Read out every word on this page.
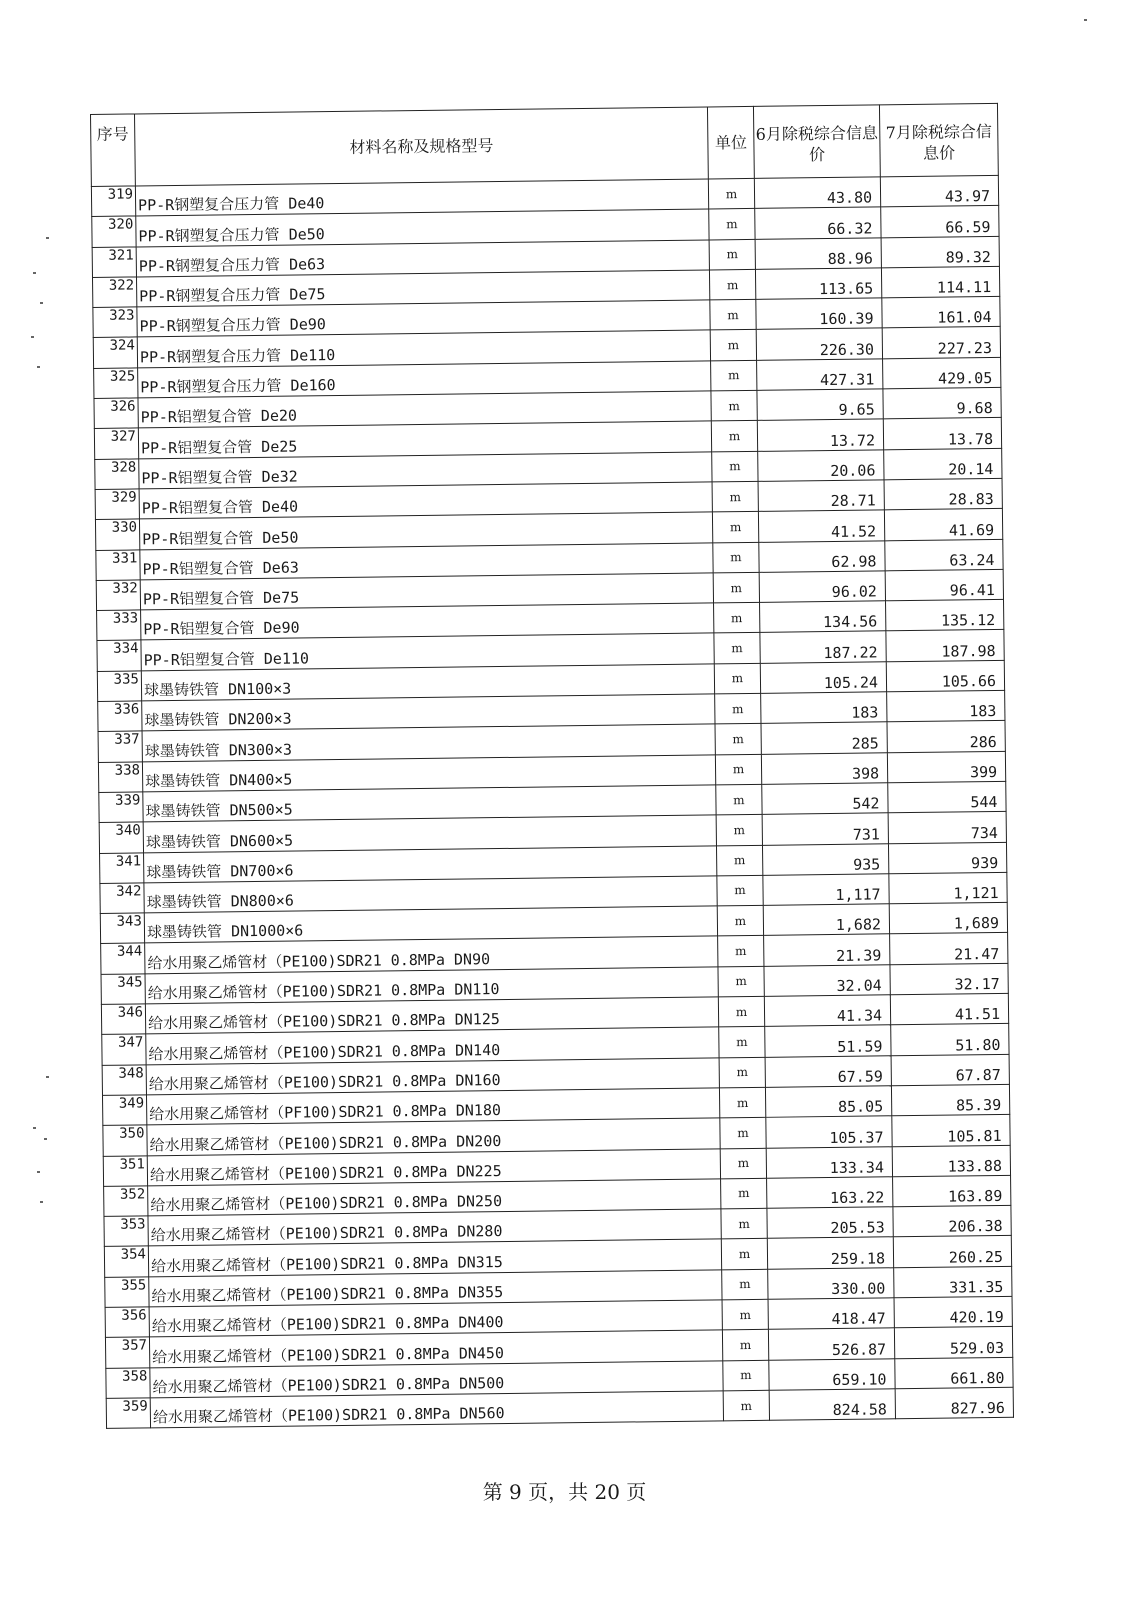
序号	材料名称及规格型号	单位	6月除税综合信息价	7月除税综合信息价
319	PP-R钢塑复合压力管 De40	m	43.80	43.97
320	PP-R钢塑复合压力管 De50	m	66.32	66.59
321	PP-R钢塑复合压力管 De63	m	88.96	89.32
322	PP-R钢塑复合压力管 De75	m	113.65	114.11
323	PP-R钢塑复合压力管 De90	m	160.39	161.04
324	PP-R钢塑复合压力管 De110	m	226.30	227.23
325	PP-R钢塑复合压力管 De160	m	427.31	429.05
326	PP-R铝塑复合管 De20	m	9.65	9.68
327	PP-R铝塑复合管 De25	m	13.72	13.78
328	PP-R铝塑复合管 De32	m	20.06	20.14
329	PP-R铝塑复合管 De40	m	28.71	28.83
330	PP-R铝塑复合管 De50	m	41.52	41.69
331	PP-R铝塑复合管 De63	m	62.98	63.24
332	PP-R铝塑复合管 De75	m	96.02	96.41
333	PP-R铝塑复合管 De90	m	134.56	135.12
334	PP-R铝塑复合管 De110	m	187.22	187.98
335	球墨铸铁管 DN100×3	m	105.24	105.66
336	球墨铸铁管 DN200×3	m	183	183
337	球墨铸铁管 DN300×3	m	285	286
338	球墨铸铁管 DN400×5	m	398	399
339	球墨铸铁管 DN500×5	m	542	544
340	球墨铸铁管 DN600×5	m	731	734
341	球墨铸铁管 DN700×6	m	935	939
342	球墨铸铁管 DN800×6	m	1,117	1,121
343	球墨铸铁管 DN1000×6	m	1,682	1,689
344	给水用聚乙烯管材（PE100)SDR21 0.8MPa DN90	m	21.39	21.47
345	给水用聚乙烯管材（PE100)SDR21 0.8MPa DN110	m	32.04	32.17
346	给水用聚乙烯管材（PE100)SDR21 0.8MPa DN125	m	41.34	41.51
347	给水用聚乙烯管材（PE100)SDR21 0.8MPa DN140	m	51.59	51.80
348	给水用聚乙烯管材（PE100)SDR21 0.8MPa DN160	m	67.59	67.87
349	给水用聚乙烯管材（PF100)SDR21 0.8MPa DN180	m	85.05	85.39
350	给水用聚乙烯管材（PE100)SDR21 0.8MPa DN200	m	105.37	105.81
351	给水用聚乙烯管材（PE100)SDR21 0.8MPa DN225	m	133.34	133.88
352	给水用聚乙烯管材（PE100)SDR21 0.8MPa DN250	m	163.22	163.89
353	给水用聚乙烯管材（PE100)SDR21 0.8MPa DN280	m	205.53	206.38
354	给水用聚乙烯管材（PE100)SDR21 0.8MPa DN315	m	259.18	260.25
355	给水用聚乙烯管材（PE100)SDR21 0.8MPa DN355	m	330.00	331.35
356	给水用聚乙烯管材（PE100)SDR21 0.8MPa DN400	m	418.47	420.19
357	给水用聚乙烯管材（PE100)SDR21 0.8MPa DN450	m	526.87	529.03
358	给水用聚乙烯管材（PE100)SDR21 0.8MPa DN500	m	659.10	661.80
359	给水用聚乙烯管材（PE100)SDR21 0.8MPa DN560	m	824.58	827.96
第 9 页，共 20 页
